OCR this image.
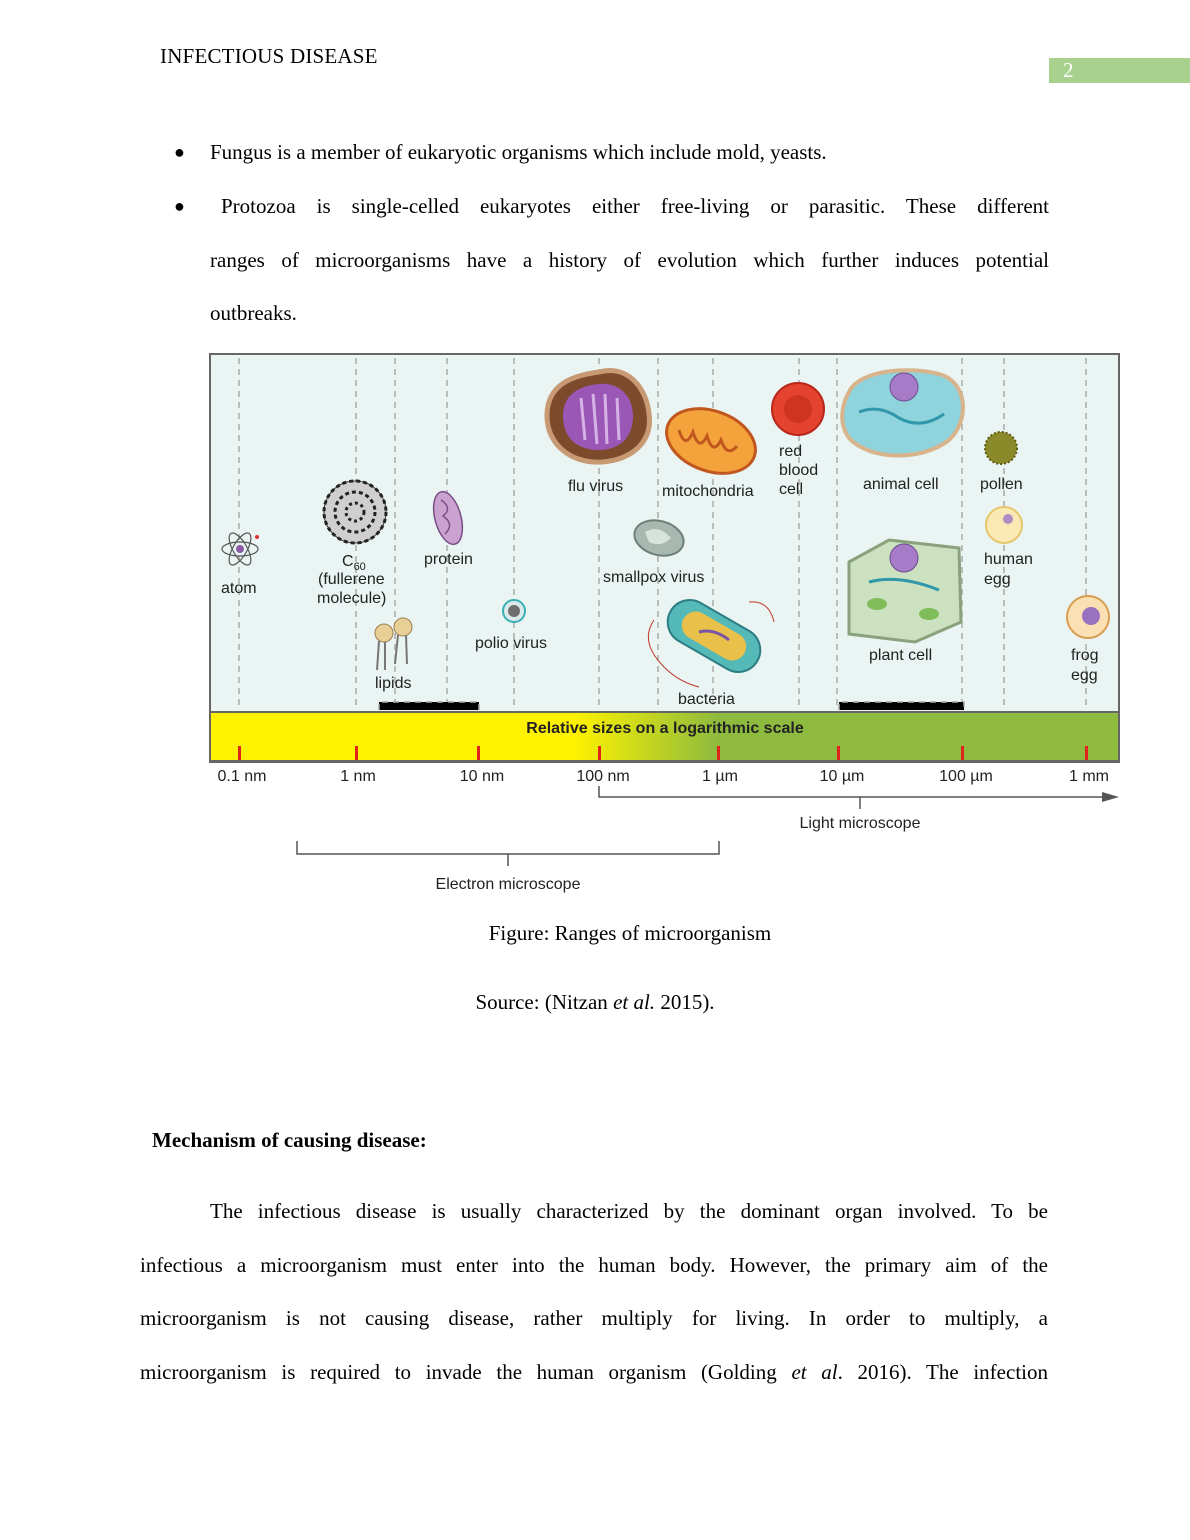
INFECTIOUS DISEASE
2
● Fungus is a member of eukaryotic organisms which include mold, yeasts.
●	Protozoa is single-celled eukaryotes either free-living or parasitic. These different
ranges of microorganisms have a history of evolution which further induces potential
outbreaks.
atom
$C_{60}$
(fullerene
molecule)
lipids
protein
polio virus
flu virus
smallpox virus
mitochondria
bacteria
red
blood
cell	animal cell
plant cell
pollen
human
egg
frog
egg
Relative sizes on a logarithmic scale
0.1 nm	1 nm	10 nm	100 nm	1 µm	10 µm	100 µm	1 mm
Light microscope
Electron microscope
Figure: Ranges of microorganism
Source: (Nitzan et al. 2015).
Mechanism of causing disease:
The infectious disease is usually characterized by the dominant organ involved. To be
infectious a microorganism must enter into the human body. However, the primary aim of the
microorganism is not causing disease, rather multiply for living. In order to multiply, a
microorganism is required to invade the human organism (Golding et al. 2016). The infection
